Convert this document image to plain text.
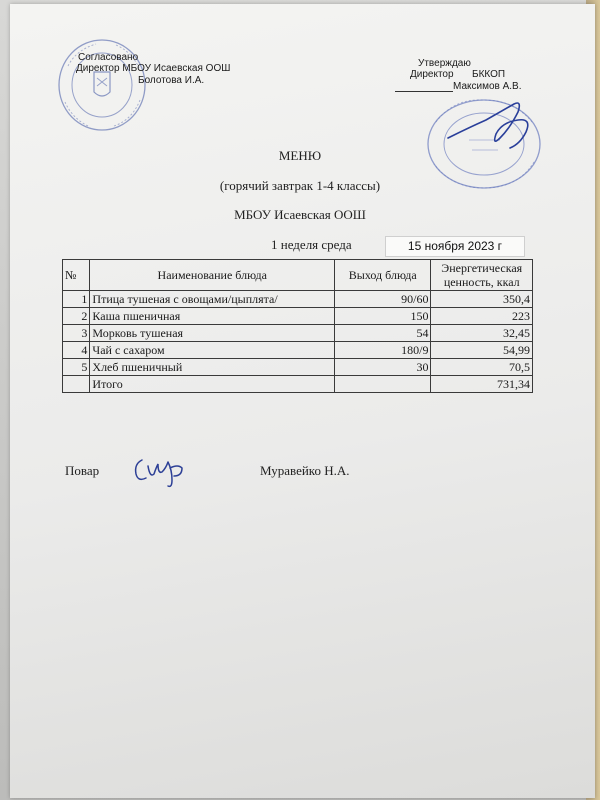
Согласовано
Директор МБОУ Исаевская ООШ
Болотова И.А.
Утверждаю
Директор БККОП
Максимов А.В.
МЕНЮ
(горячий завтрак 1-4 классы)
МБОУ Исаевская ООШ
1 неделя среда	15 ноября 2023 г
№	Наименование блюда	Выход блюда	Энергетическая ценность, ккал
1	Птица тушеная с овощами/цыплята/	90/60	350,4
2	Каша пшеничная	150	223
3	Морковь тушеная	54	32,45
4	Чай с сахаром	180/9	54,99
5	Хлеб пшеничный	30	70,5
	Итого		731,34
Повар	Муравейко Н.А.
